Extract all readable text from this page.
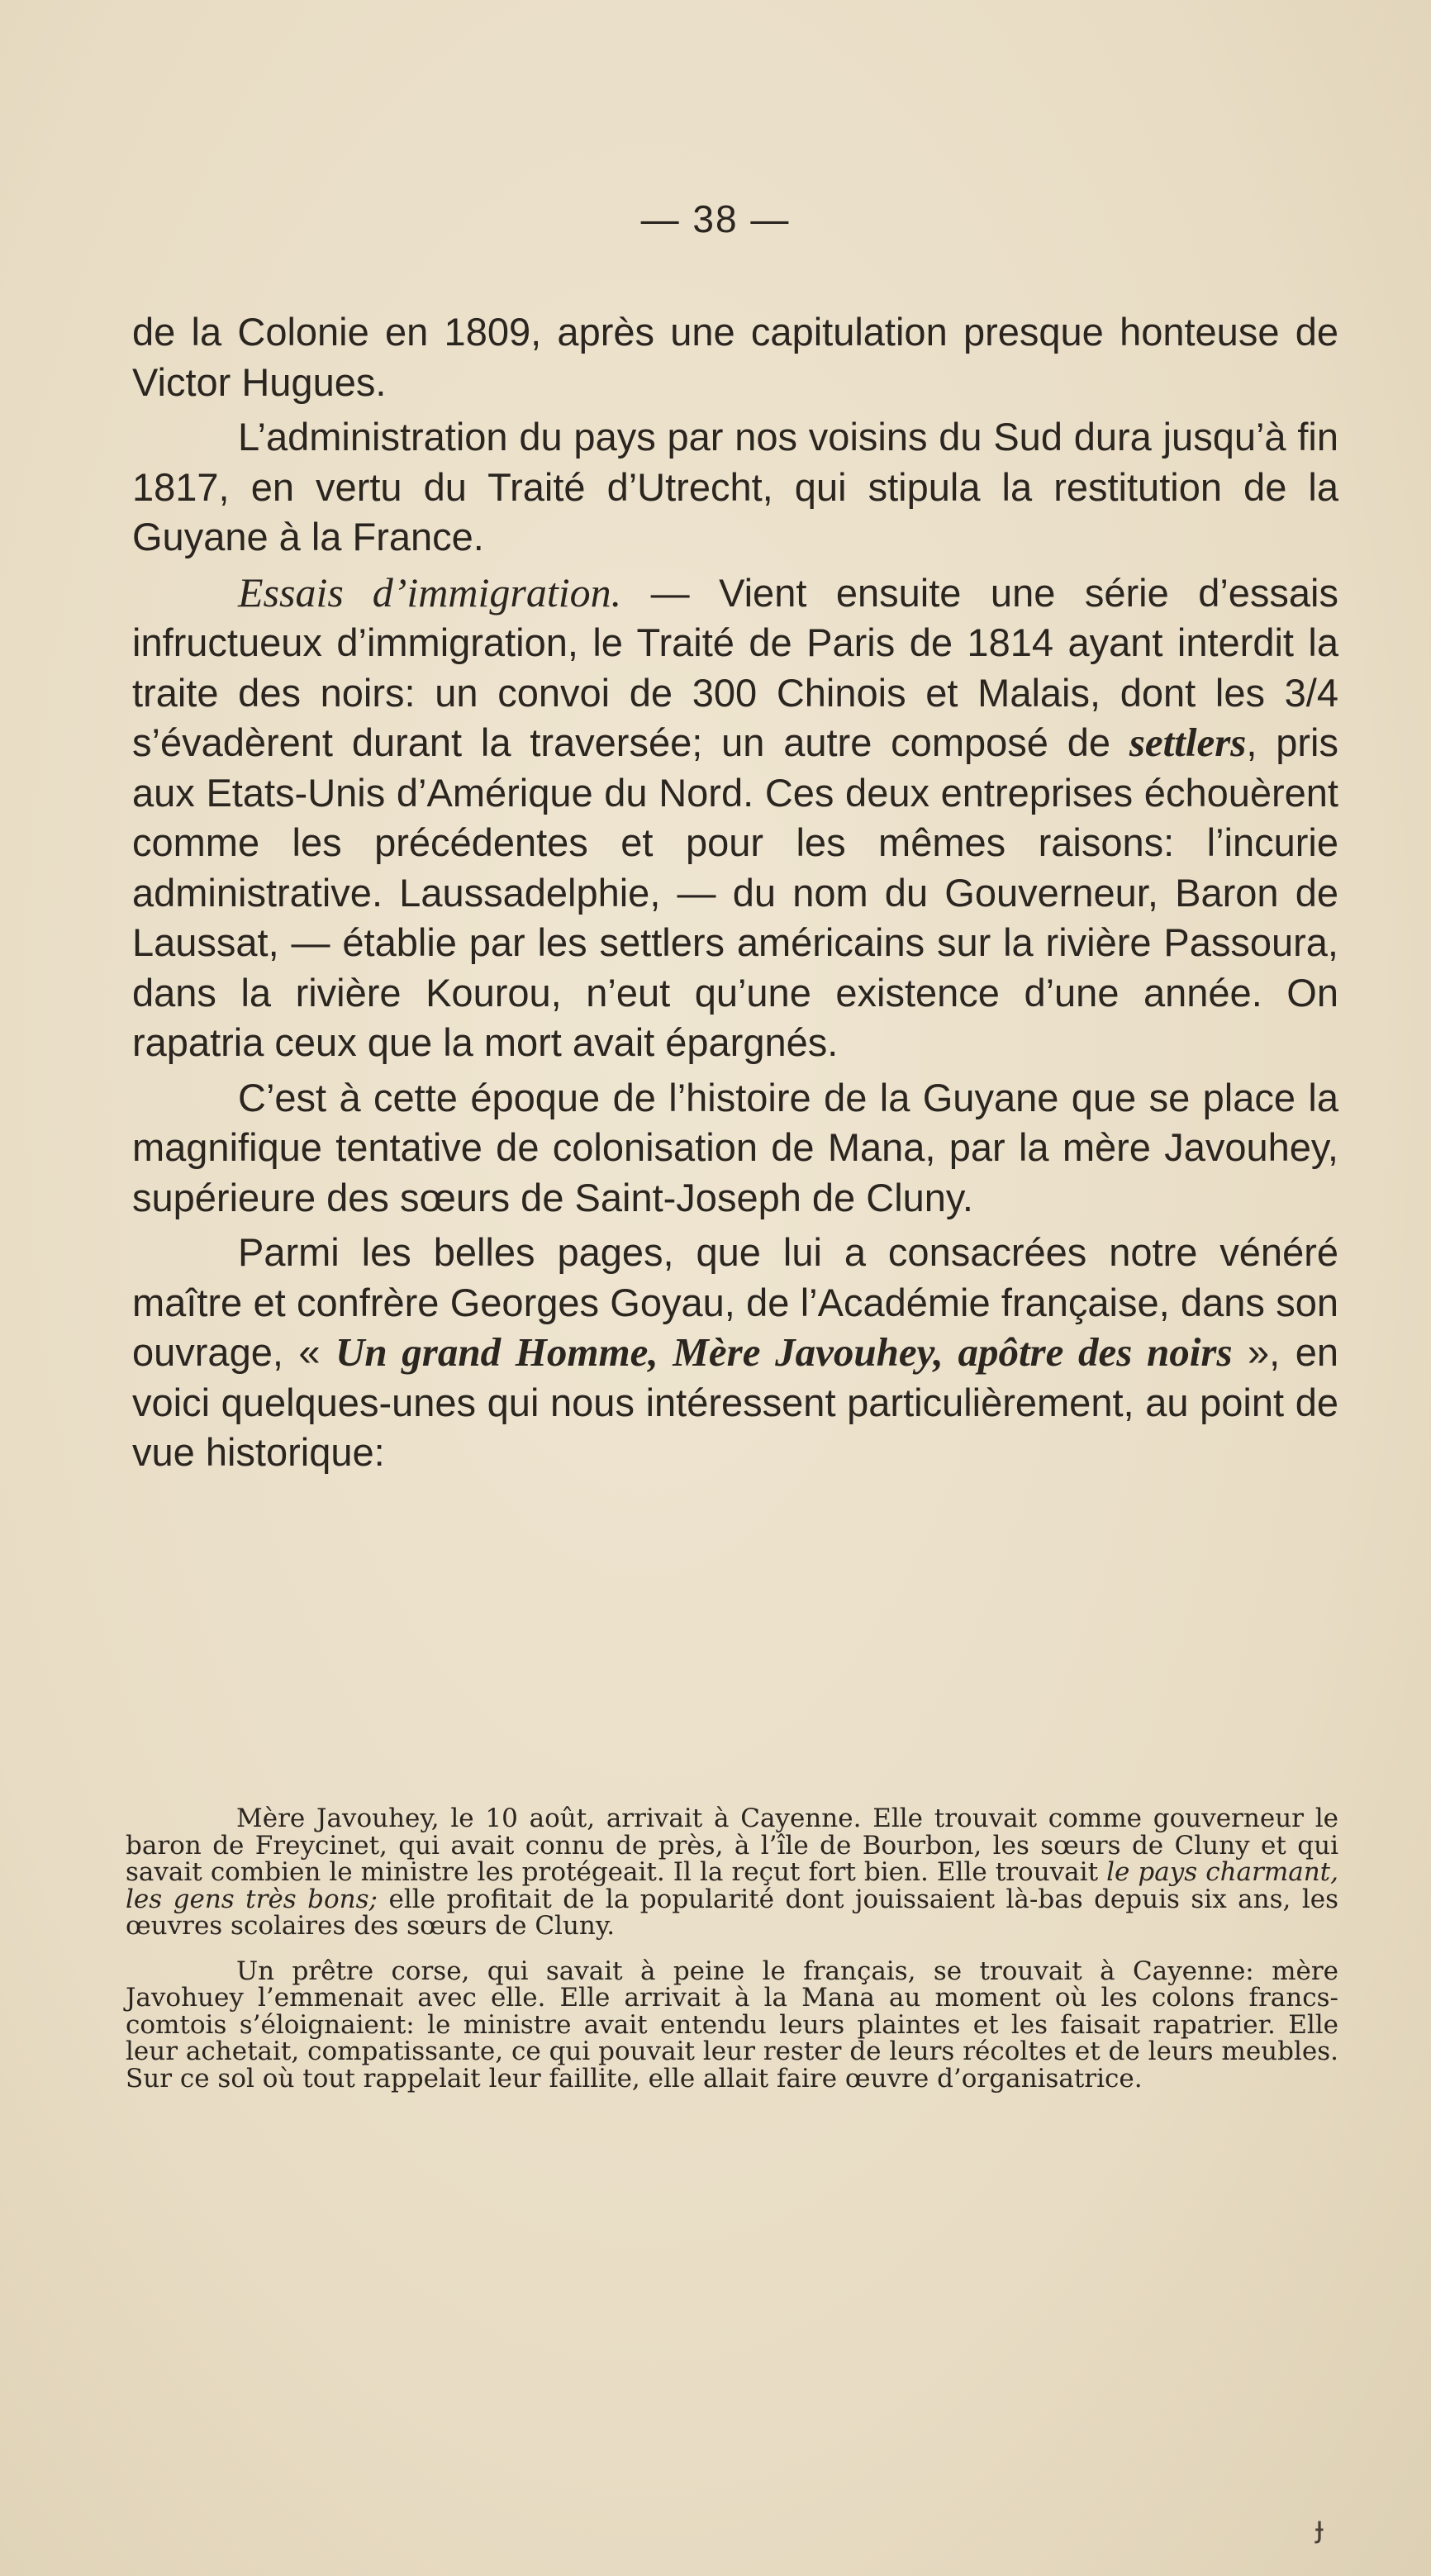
— 38 —

de la Colonie en 1809, après une capitulation presque honteuse de Victor Hugues.

L’administration du pays par nos voisins du Sud dura jusqu’à fin 1817, en vertu du Traité d’Utrecht, qui stipula la restitution de la Guyane à la France.

Essais d’immigration. — Vient ensuite une série d’essais infructueux d’immigration, le Traité de Paris de 1814 ayant interdit la traite des noirs: un convoi de 300 Chinois et Malais, dont les 3/4 s’évadèrent durant la traversée; un autre composé de settlers, pris aux Etats-Unis d’Amérique du Nord. Ces deux entreprises échouèrent comme les précédentes et pour les mêmes raisons: l’incurie administrative. Laussadelphie, — du nom du Gouverneur, Baron de Laussat, — établie par les settlers américains sur la rivière Passoura, dans la rivière Kourou, n’eut qu’une existence d’une année. On rapatria ceux que la mort avait épargnés.

C’est à cette époque de l’histoire de la Guyane que se place la magnifique tentative de colonisation de Mana, par la mère Javouhey, supérieure des sœurs de Saint-Joseph de Cluny.

Parmi les belles pages, que lui a consacrées notre vénéré maître et confrère Georges Goyau, de l’Académie française, dans son ouvrage, « Un grand Homme, Mère Javouhey, apôtre des noirs », en voici quelques-unes qui nous intéressent particulièrement, au point de vue historique:

Mère Javouhey, le 10 août, arrivait à Cayenne. Elle trouvait comme gouverneur le baron de Freycinet, qui avait connu de près, à l’île de Bourbon, les sœurs de Cluny et qui savait combien le ministre les protégeait. Il la reçut fort bien. Elle trouvait le pays charmant, les gens très bons; elle profitait de la popularité dont jouissaient là-bas depuis six ans, les œuvres scolaires des sœurs de Cluny.

Un prêtre corse, qui savait à peine le français, se trouvait à Cayenne: mère Javohuey l’emmenait avec elle. Elle arrivait à la Mana au moment où les colons francs-comtois s’éloignaient: le ministre avait entendu leurs plaintes et les faisait rapatrier. Elle leur achetait, compatissante, ce qui pouvait leur rester de leurs récoltes et de leurs meubles. Sur ce sol où tout rappelait leur faillite, elle allait faire œuvre d’organisatrice.

ɟ
